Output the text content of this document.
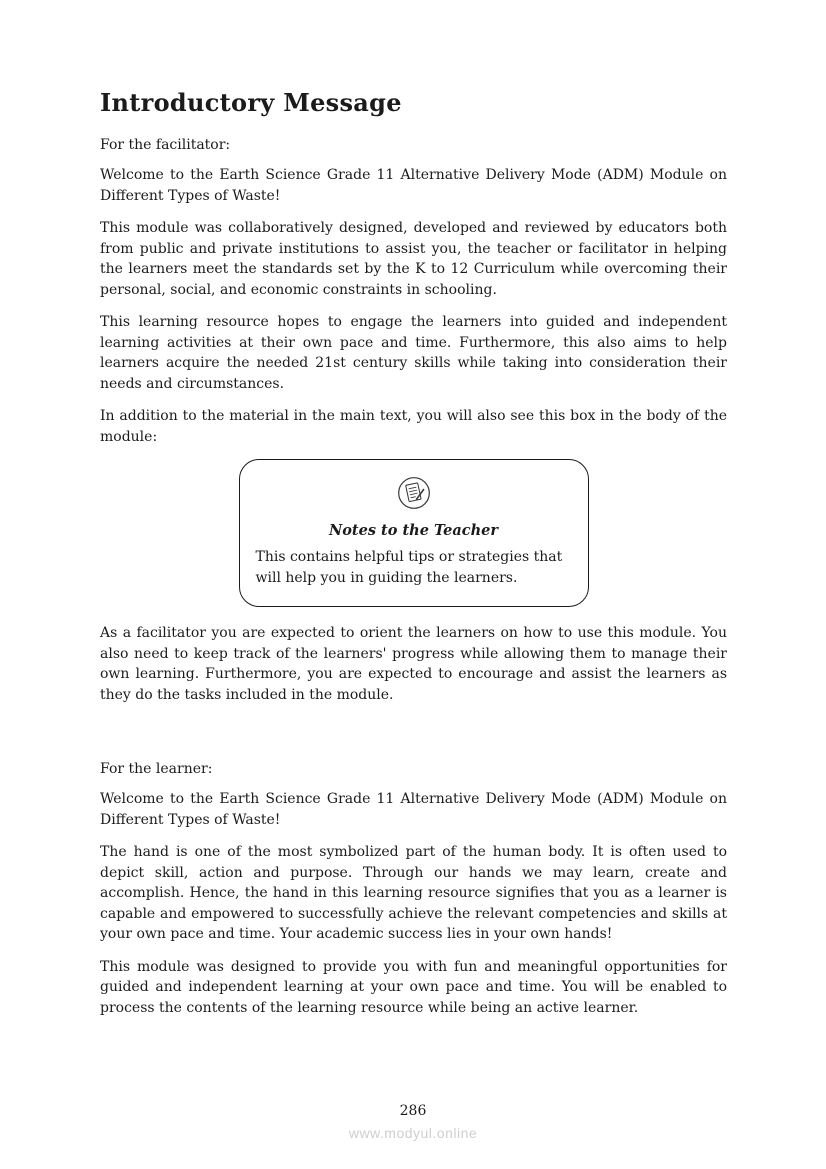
Introductory Message

For the facilitator:

Welcome to the Earth Science Grade 11 Alternative Delivery Mode (ADM) Module on Different Types of Waste!

This module was collaboratively designed, developed and reviewed by educators both from public and private institutions to assist you, the teacher or facilitator in helping the learners meet the standards set by the K to 12 Curriculum while overcoming their personal, social, and economic constraints in schooling.

This learning resource hopes to engage the learners into guided and independent learning activities at their own pace and time. Furthermore, this also aims to help learners acquire the needed 21st century skills while taking into consideration their needs and circumstances.

In addition to the material in the main text, you will also see this box in the body of the module:

Notes to the Teacher

This contains helpful tips or strategies that will help you in guiding the learners.

As a facilitator you are expected to orient the learners on how to use this module. You also need to keep track of the learners' progress while allowing them to manage their own learning. Furthermore, you are expected to encourage and assist the learners as they do the tasks included in the module.

For the learner:

Welcome to the Earth Science Grade 11 Alternative Delivery Mode (ADM) Module on Different Types of Waste!

The hand is one of the most symbolized part of the human body. It is often used to depict skill, action and purpose. Through our hands we may learn, create and accomplish. Hence, the hand in this learning resource signifies that you as a learner is capable and empowered to successfully achieve the relevant competencies and skills at your own pace and time. Your academic success lies in your own hands!

This module was designed to provide you with fun and meaningful opportunities for guided and independent learning at your own pace and time. You will be enabled to process the contents of the learning resource while being an active learner.

286
www.modyul.online
